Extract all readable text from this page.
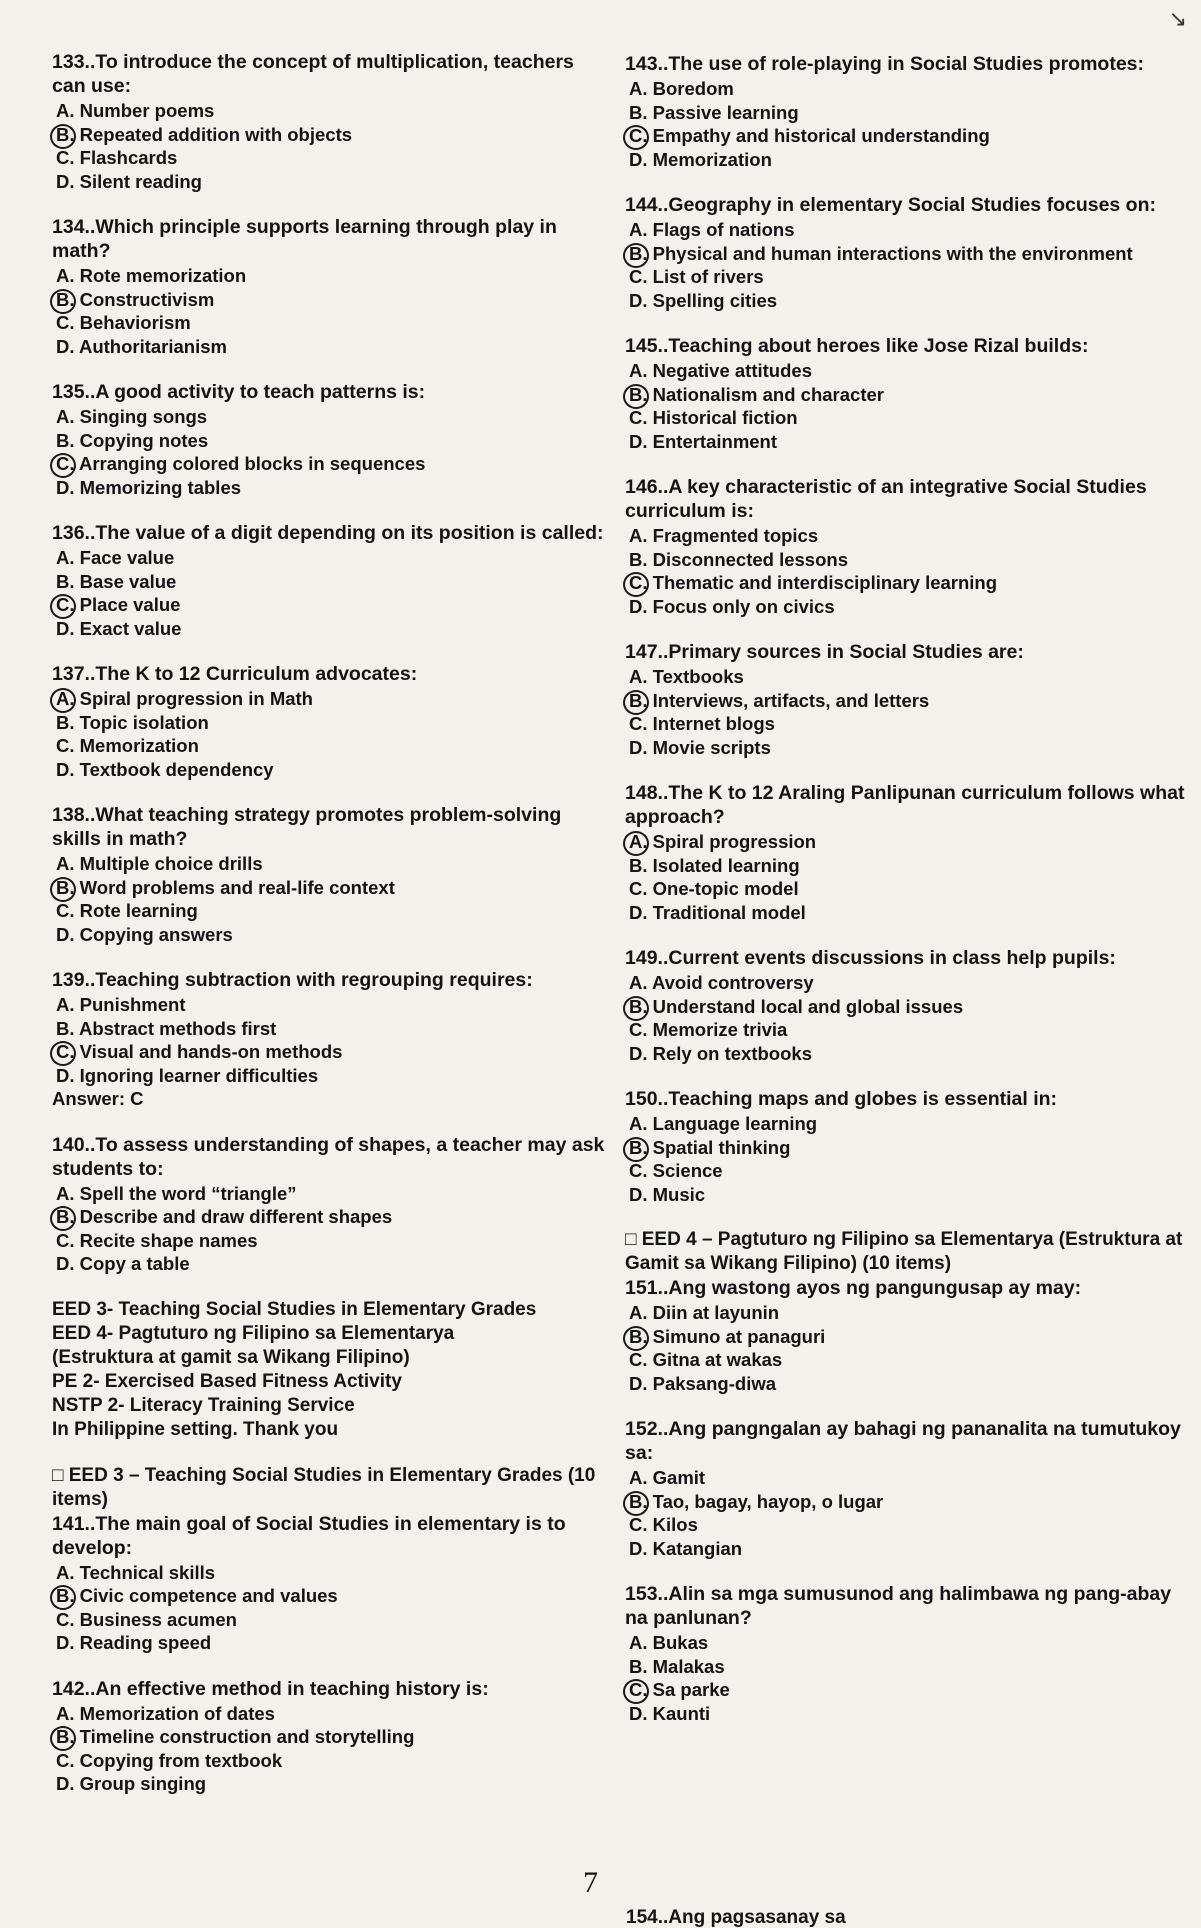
133..To introduce the concept of multiplication, teachers can use:
A. Number poems
B. Repeated addition with objects
C. Flashcards
D. Silent reading
134..Which principle supports learning through play in math?
A. Rote memorization
B. Constructivism
C. Behaviorism
D. Authoritarianism
135..A good activity to teach patterns is:
A. Singing songs
B. Copying notes
C. Arranging colored blocks in sequences
D. Memorizing tables
136..The value of a digit depending on its position is called:
A. Face value
B. Base value
C. Place value
D. Exact value
137..The K to 12 Curriculum advocates:
A. Spiral progression in Math
B. Topic isolation
C. Memorization
D. Textbook dependency
138..What teaching strategy promotes problem-solving skills in math?
A. Multiple choice drills
B. Word problems and real-life context
C. Rote learning
D. Copying answers
139..Teaching subtraction with regrouping requires:
A. Punishment
B. Abstract methods first
C. Visual and hands-on methods
D. Ignoring learner difficulties
Answer: C
140..To assess understanding of shapes, a teacher may ask students to:
A. Spell the word “triangle”
B. Describe and draw different shapes
C. Recite shape names
D. Copy a table
EED 3- Teaching Social Studies in Elementary Grades
EED 4- Pagtuturo ng Filipino sa Elementarya
(Estruktura at gamit sa Wikang Filipino)
PE 2- Exercised Based Fitness Activity
NSTP 2- Literacy Training Service
In Philippine setting. Thank you
□ EED 3 – Teaching Social Studies in Elementary Grades (10 items)
141..The main goal of Social Studies in elementary is to develop:
A. Technical skills
B. Civic competence and values
C. Business acumen
D. Reading speed
142..An effective method in teaching history is:
A. Memorization of dates
B. Timeline construction and storytelling
C. Copying from textbook
D. Group singing
143..The use of role-playing in Social Studies promotes:
A. Boredom
B. Passive learning
C. Empathy and historical understanding
D. Memorization
144..Geography in elementary Social Studies focuses on:
A. Flags of nations
B. Physical and human interactions with the environment
C. List of rivers
D. Spelling cities
145..Teaching about heroes like Jose Rizal builds:
A. Negative attitudes
B. Nationalism and character
C. Historical fiction
D. Entertainment
146..A key characteristic of an integrative Social Studies curriculum is:
A. Fragmented topics
B. Disconnected lessons
C. Thematic and interdisciplinary learning
D. Focus only on civics
147..Primary sources in Social Studies are:
A. Textbooks
B. Interviews, artifacts, and letters
C. Internet blogs
D. Movie scripts
148..The K to 12 Araling Panlipunan curriculum follows what approach?
A. Spiral progression
B. Isolated learning
C. One-topic model
D. Traditional model
149..Current events discussions in class help pupils:
A. Avoid controversy
B. Understand local and global issues
C. Memorize trivia
D. Rely on textbooks
150..Teaching maps and globes is essential in:
A. Language learning
B. Spatial thinking
C. Science
D. Music
□ EED 4 – Pagtuturo ng Filipino sa Elementarya (Estruktura at Gamit sa Wikang Filipino) (10 items)
151..Ang wastong ayos ng pangungusap ay may:
A. Diin at layunin
B. Simuno at panaguri
C. Gitna at wakas
D. Paksang-diwa
152..Ang pangngalan ay bahagi ng pananalita na tumutukoy sa:
A. Gamit
B. Tao, bagay, hayop, o lugar
C. Kilos
D. Katangian
153..Alin sa mga sumusunod ang halimbawa ng pang-abay na panlunan?
A. Bukas
B. Malakas
C. Sa parke
D. Kaunti
7
154..Ang pagsasanay sa
↘
